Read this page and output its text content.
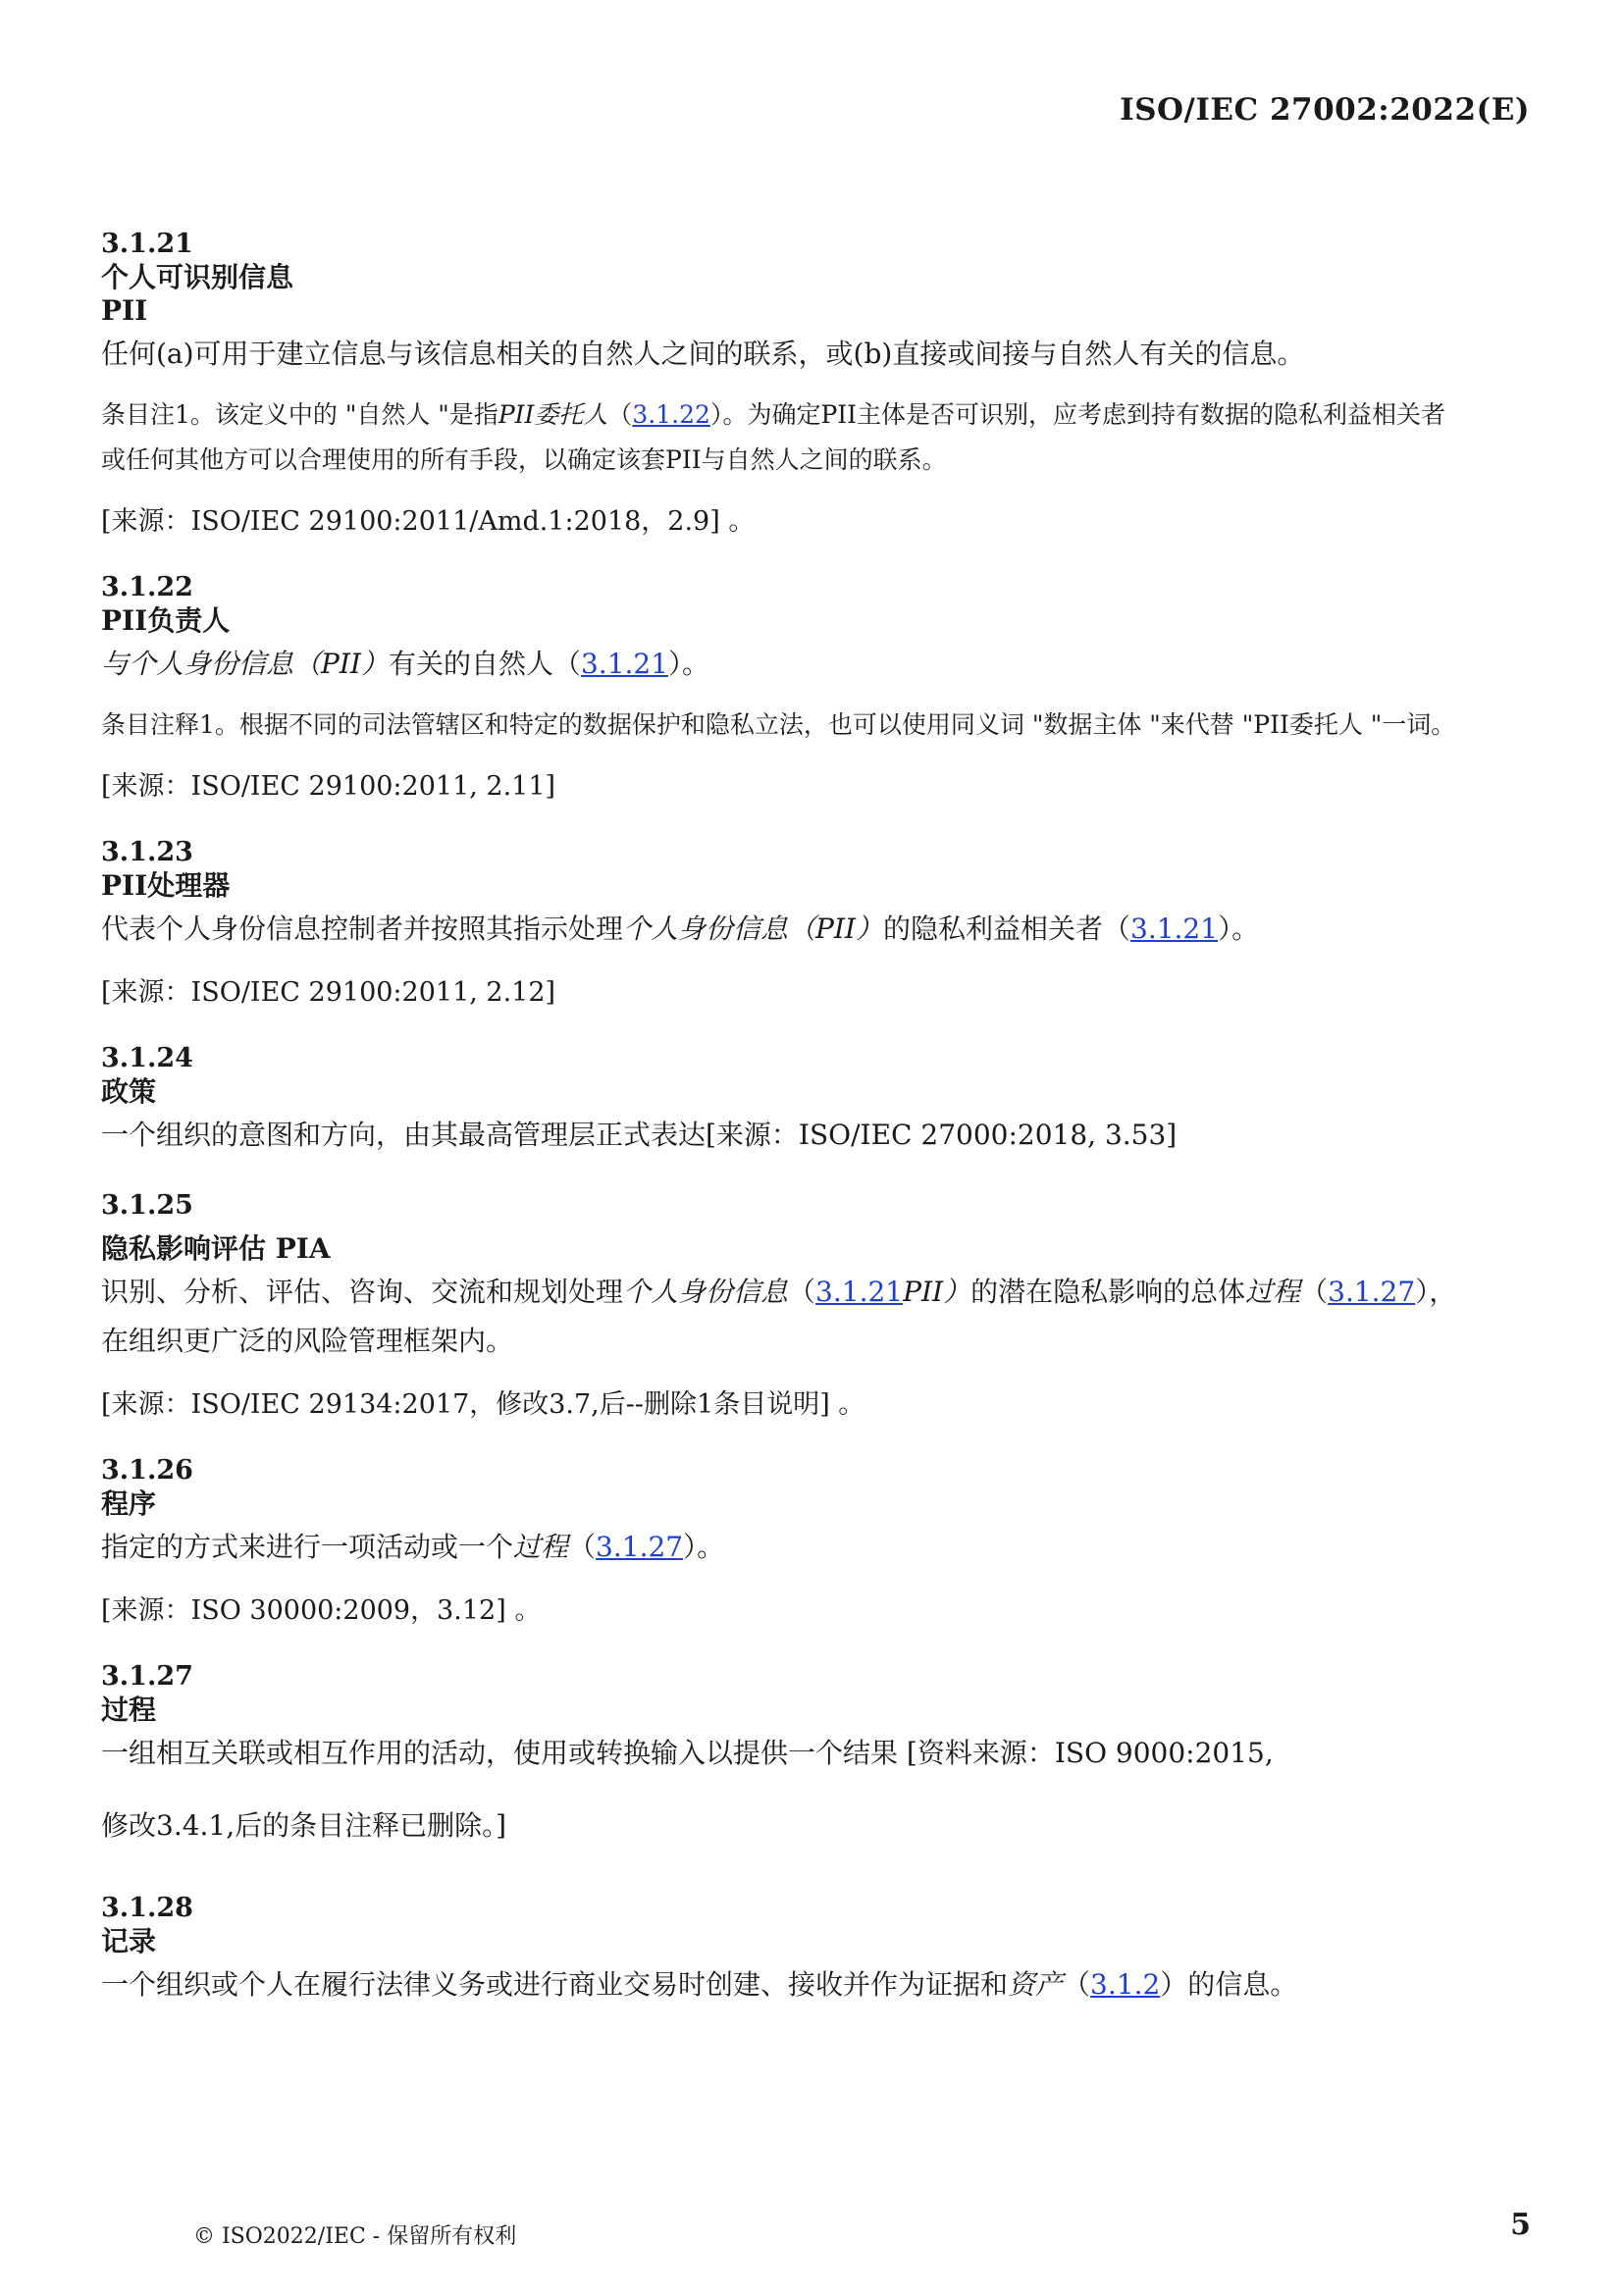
ISO/IEC 27002:2022(E)
3.1.21
个人可识别信息
PII
任何(a)可用于建立信息与该信息相关的自然人之间的联系，或(b)直接或间接与自然人有关的信息。
条目注1。该定义中的 "自然人 "是指PII委托人（3.1.22）。为确定PII主体是否可识别，应考虑到持有数据的隐私利益相关者或任何其他方可以合理使用的所有手段，以确定该套PII与自然人之间的联系。
[来源：ISO/IEC 29100:2011/Amd.1:2018，2.9] 。
3.1.22
PII负责人
与个人身份信息（PII）有关的自然人（3.1.21）。
条目注释1。根据不同的司法管辖区和特定的数据保护和隐私立法，也可以使用同义词 "数据主体 "来代替 "PII委托人 "一词。
[来源：ISO/IEC 29100:2011, 2.11]
3.1.23
PII处理器
代表个人身份信息控制者并按照其指示处理个人身份信息（PII）的隐私利益相关者（3.1.21）。
[来源：ISO/IEC 29100:2011, 2.12]
3.1.24
政策
一个组织的意图和方向，由其最高管理层正式表达[来源：ISO/IEC 27000:2018, 3.53]
3.1.25
隐私影响评估 PIA
识别、分析、评估、咨询、交流和规划处理个人身份信息（3.1.21PII）的潜在隐私影响的总体过程（3.1.27），在组织更广泛的风险管理框架内。
[来源：ISO/IEC 29134:2017，修改3.7,后--删除1条目说明] 。
3.1.26
程序
指定的方式来进行一项活动或一个过程（3.1.27）。
[来源：ISO 30000:2009，3.12] 。
3.1.27
过程
一组相互关联或相互作用的活动，使用或转换输入以提供一个结果 [资料来源：ISO 9000:2015,
修改3.4.1,后的条目注释已删除。]
3.1.28
记录
一个组织或个人在履行法律义务或进行商业交易时创建、接收并作为证据和资产（3.1.2）的信息。
© ISO2022/IEC - 保留所有权利	5
